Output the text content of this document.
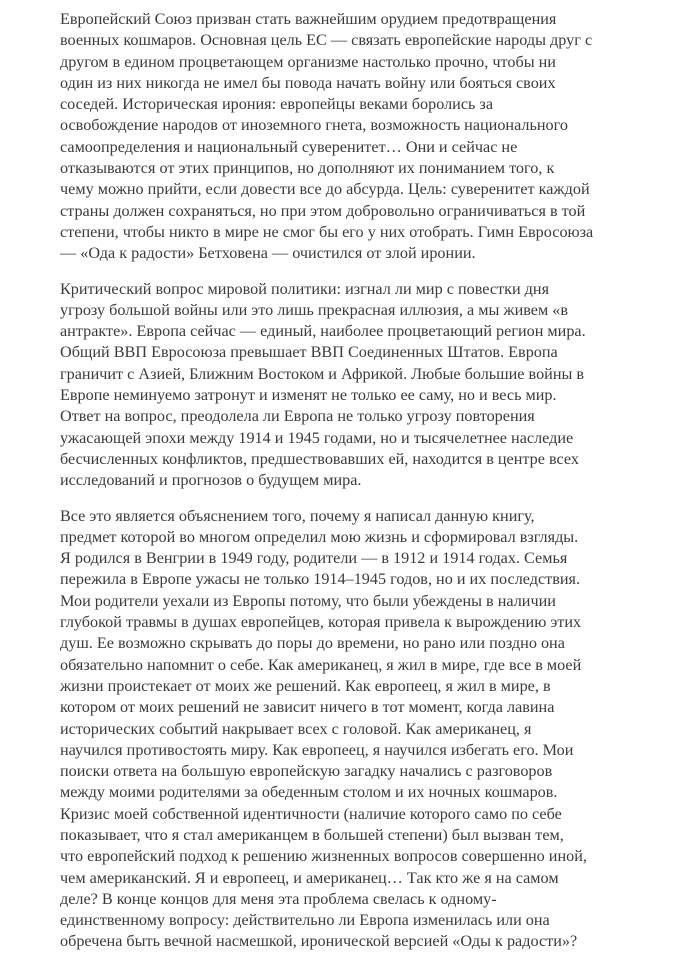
Европейский Союз призван стать важнейшим орудием предотвращения
военных кошмаров. Основная цель ЕС — связать европейские народы друг с
другом в едином процветающем организме настолько прочно, чтобы ни
один из них никогда не имел бы повода начать войну или бояться своих
соседей. Историческая ирония: европейцы веками боролись за
освобождение народов от иноземного гнета, возможность национального
самоопределения и национальный суверенитет… Они и сейчас не
отказываются от этих принципов, но дополняют их пониманием того, к
чему можно прийти, если довести все до абсурда. Цель: суверенитет каждой
страны должен сохраняться, но при этом добровольно ограничиваться в той
степени, чтобы никто в мире не смог бы его у них отобрать. Гимн Евросоюза
— «Ода к радости» Бетховена — очистился от злой иронии.

Критический вопрос мировой политики: изгнал ли мир с повестки дня
угрозу большой войны или это лишь прекрасная иллюзия, а мы живем «в
антракте». Европа сейчас — единый, наиболее процветающий регион мира.
Общий ВВП Евросоюза превышает ВВП Соединенных Штатов. Европа
граничит с Азией, Ближним Востоком и Африкой. Любые большие войны в
Европе неминуемо затронут и изменят не только ее саму, но и весь мир.
Ответ на вопрос, преодолела ли Европа не только угрозу повторения
ужасающей эпохи между 1914 и 1945 годами, но и тысячелетнее наследие
бесчисленных конфликтов, предшествовавших ей, находится в центре всех
исследований и прогнозов о будущем мира.

Все это является объяснением того, почему я написал данную книгу,
предмет которой во многом определил мою жизнь и сформировал взгляды.
Я родился в Венгрии в 1949 году, родители — в 1912 и 1914 годах. Семья
пережила в Европе ужасы не только 1914–1945 годов, но и их последствия.
Мои родители уехали из Европы потому, что были убеждены в наличии
глубокой травмы в душах европейцев, которая привела к вырождению этих
душ. Ее возможно скрывать до поры до времени, но рано или поздно она
обязательно напомнит о себе. Как американец, я жил в мире, где все в моей
жизни проистекает от моих же решений. Как европеец, я жил в мире, в
котором от моих решений не зависит ничего в тот момент, когда лавина
исторических событий накрывает всех с головой. Как американец, я
научился противостоять миру. Как европеец, я научился избегать его. Мои
поиски ответа на большую европейскую загадку начались с разговоров
между моими родителями за обеденным столом и их ночных кошмаров.
Кризис моей собственной идентичности (наличие которого само по себе
показывает, что я стал американцем в большей степени) был вызван тем,
что европейский подход к решению жизненных вопросов совершенно иной,
чем американский. Я и европеец, и американец… Так кто же я на самом
деле? В конце концов для меня эта проблема свелась к одному-
единственному вопросу: действительно ли Европа изменилась или она
обречена быть вечной насмешкой, иронической версией «Оды к радости»?
